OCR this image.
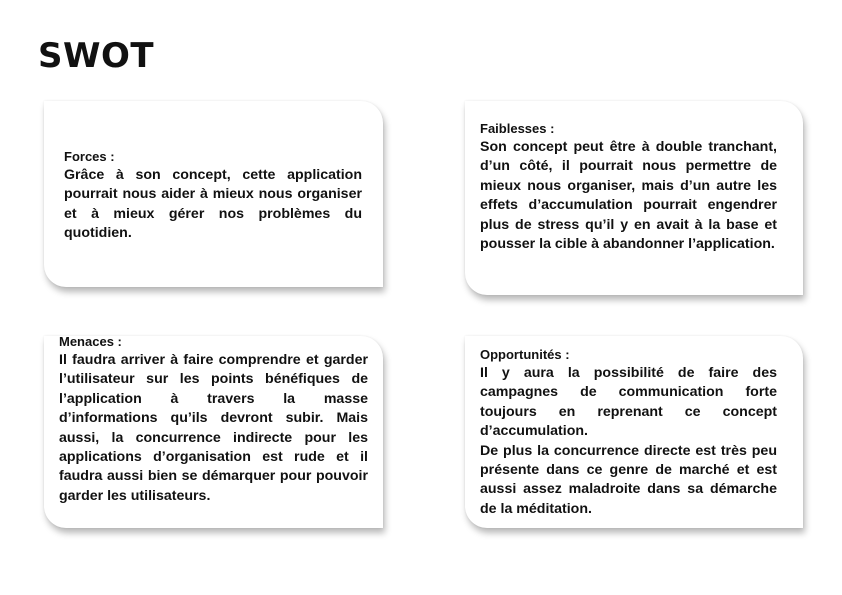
SWOT

Forces :
Grâce à son concept, cette application pourrait nous aider à mieux nous organiser et à mieux gérer nos problèmes du quotidien.

Faiblesses :
Son concept peut être à double tranchant, d’un côté, il pourrait nous permettre de mieux nous organiser, mais d’un autre les effets d’accumulation pourrait engendrer plus de stress qu’il y en avait à la base et pousser la cible à abandonner l’application.

Menaces :
Il faudra arriver à faire comprendre et garder l’utilisateur sur les points bénéfiques de l’application à travers la masse d’informations qu’ils devront subir. Mais aussi, la concurrence indirecte pour les applications d’organisation est rude et il faudra aussi bien se démarquer pour pouvoir garder les utilisateurs.

Opportunités :
Il y aura la possibilité de faire des campagnes de communication forte toujours en reprenant ce concept d’accumulation.
De plus la concurrence directe est très peu présente dans ce genre de marché et est aussi assez maladroite dans sa démarche de la méditation.
